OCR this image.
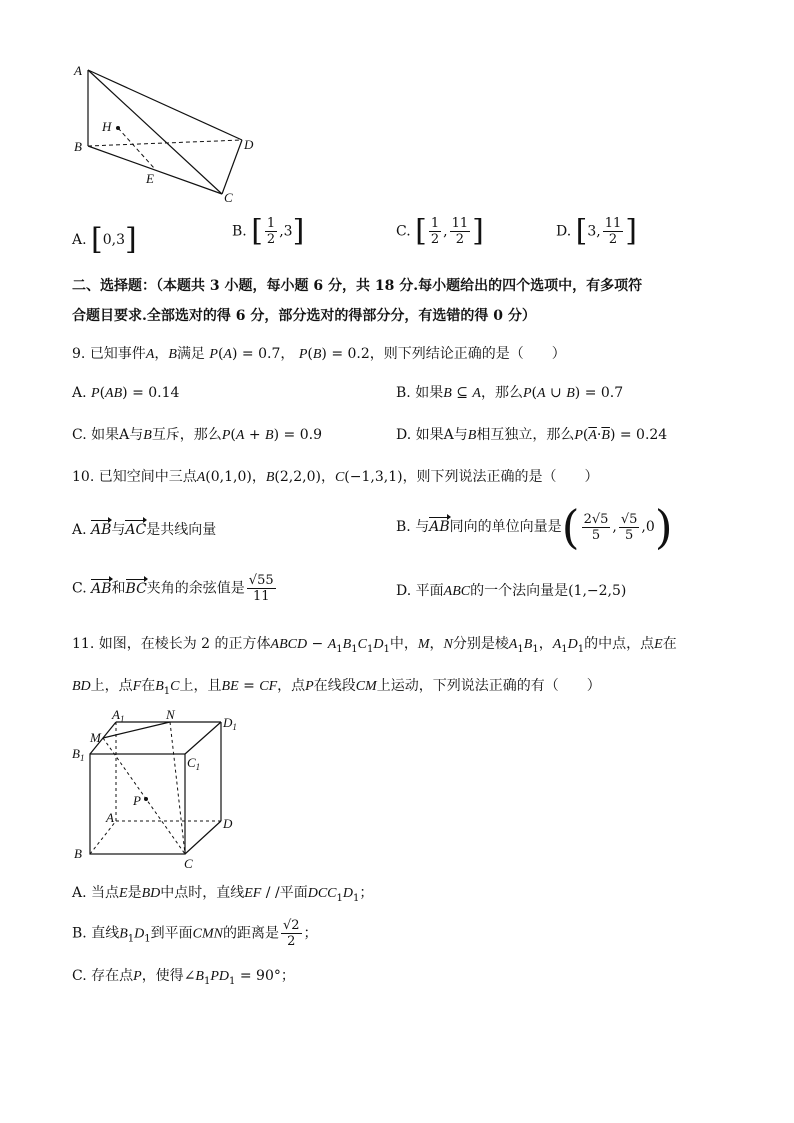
A
H
B	D
E
C
A. [0,3]	B. [ $\frac{1}{2} ,3$]	C. [ $\frac{1}{2}$ , $\frac{11}{2}$ ]	D. [3, $\frac{11}{2}$ ]
二、选择题：（本题共 3 小题，每小题 6 分，共 18 分.每小题给出的四个选项中，有多项符
合题目要求.全部选对的得 6 分，部分选对的得部分分，有选错的得 0 分）
9. 已知事件A，B满足 P(A) = 0.7， P(B) = 0.2，则下列结论正确的是（　　）
A. P(AB) = 0.14	B. 如果B ⊆ A，那么P(A ∪ B) = 0.7
C. 如果A与B互斥，那么P(A + B) = 0.9	D. 如果A与B相互独立，那么$P(\overline{A}\cdot\overline{B}) = 0.24$
10. 已知空间中三点A(0,1,0)，B(2,2,0)，C(−1,3,1)，则下列说法正确的是（　　）
A. AB与AC是共线向量	B. 与AB同向的单位向量是( $\frac{2√5}{5}$ , $\frac{√5}{5} ,0$)
C. AB和BC夹角的余弦值是 $\frac{√55}{11}$	D. 平面ABC的一个法向量是(1,−2,5)
11. 如图，在棱长为 2 的正方体ABCD − $A_1B_1C_1D_1$中，M，N分别是棱$A_1B_1$，$A_1D_1$的中点，点E在
BD上，点F在$B_1C$上，且BE = CF，点P在线段CM上运动，下列说法正确的有（　　）
$A_1$	N
$D_1$
M
$B_1$	$C_1$
P
A	D
B
C
A. 当点E是BD中点时，直线EF / /平面$DCC_1D_1$；
B. 直线$B_1D_1$到平面CMN的距离是 $\frac{√2}{2}$ ；
C. 存在点P，使得$\angle B_1PD_1 = 90^\circ$；
